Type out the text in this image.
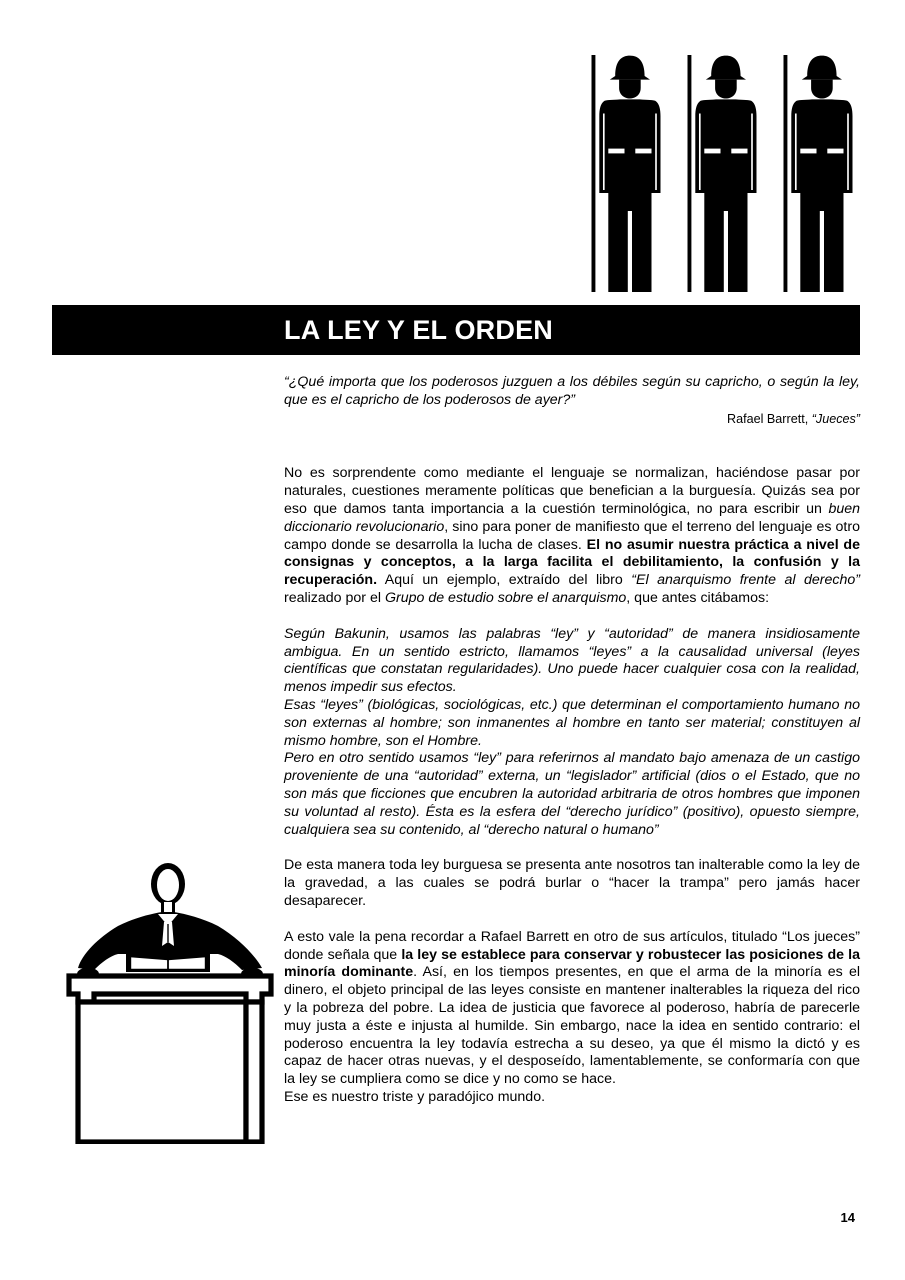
LA LEY Y EL ORDEN

“¿Qué importa que los poderosos juzguen a los débiles según su capricho, o según la ley, que es el capricho de los poderosos de ayer?”

Rafael Barrett, “Jueces”

No es sorprendente como mediante el lenguaje se normalizan, haciéndose pasar por naturales, cuestiones meramente políticas que benefician a la burguesía. Quizás sea por eso que damos tanta importancia a la cuestión terminológica, no para escribir un buen diccionario revolucionario, sino para poner de manifiesto que el terreno del lenguaje es otro campo donde se desarrolla la lucha de clases. El no asumir nuestra práctica a nivel de consignas y conceptos, a la larga facilita el debilitamiento, la confusión y la recuperación. Aquí un ejemplo, extraído del libro “El anarquismo frente al derecho” realizado por el Grupo de estudio sobre el anarquismo, que antes citábamos:

Según Bakunin, usamos las palabras “ley” y “autoridad” de manera insidiosamente ambigua. En un sentido estricto, llamamos “leyes” a la causalidad universal (leyes científicas que constatan regularidades). Uno puede hacer cualquier cosa con la realidad, menos impedir sus efectos.

Esas “leyes” (biológicas, sociológicas, etc.) que determinan el comportamiento humano no son externas al hombre; son inmanentes al hombre en tanto ser material; constituyen al mismo hombre, son el Hombre.

Pero en otro sentido usamos “ley” para referirnos al mandato bajo amenaza de un castigo proveniente de una “autoridad” externa, un “legislador” artificial (dios o el Estado, que no son más que ficciones que encubren la autoridad arbitraria de otros hombres que imponen su voluntad al resto). Ésta es la esfera del “derecho jurídico” (positivo), opuesto siempre, cualquiera sea su contenido, al “derecho natural o humano”

De esta manera toda ley burguesa se presenta ante nosotros tan inalterable como la ley de la gravedad, a las cuales se podrá burlar o “hacer la trampa” pero jamás hacer desaparecer.

A esto vale la pena recordar a Rafael Barrett en otro de sus artículos, titulado “Los jueces” donde señala que la ley se establece para conservar y robustecer las posiciones de la minoría dominante. Así, en los tiempos presentes, en que el arma de la minoría es el dinero, el objeto principal de las leyes consiste en mantener inalterables la riqueza del rico y la pobreza del pobre. La idea de justicia que favorece al poderoso, habría de parecerle muy justa a éste e injusta al humilde. Sin embargo, nace la idea en sentido contrario: el poderoso encuentra la ley todavía estrecha a su deseo, ya que él mismo la dictó y es capaz de hacer otras nuevas, y el desposeído, lamentablemente, se conformaría con que la ley se cumpliera como se dice y no como se hace.

Ese es nuestro triste y paradójico mundo.

14
